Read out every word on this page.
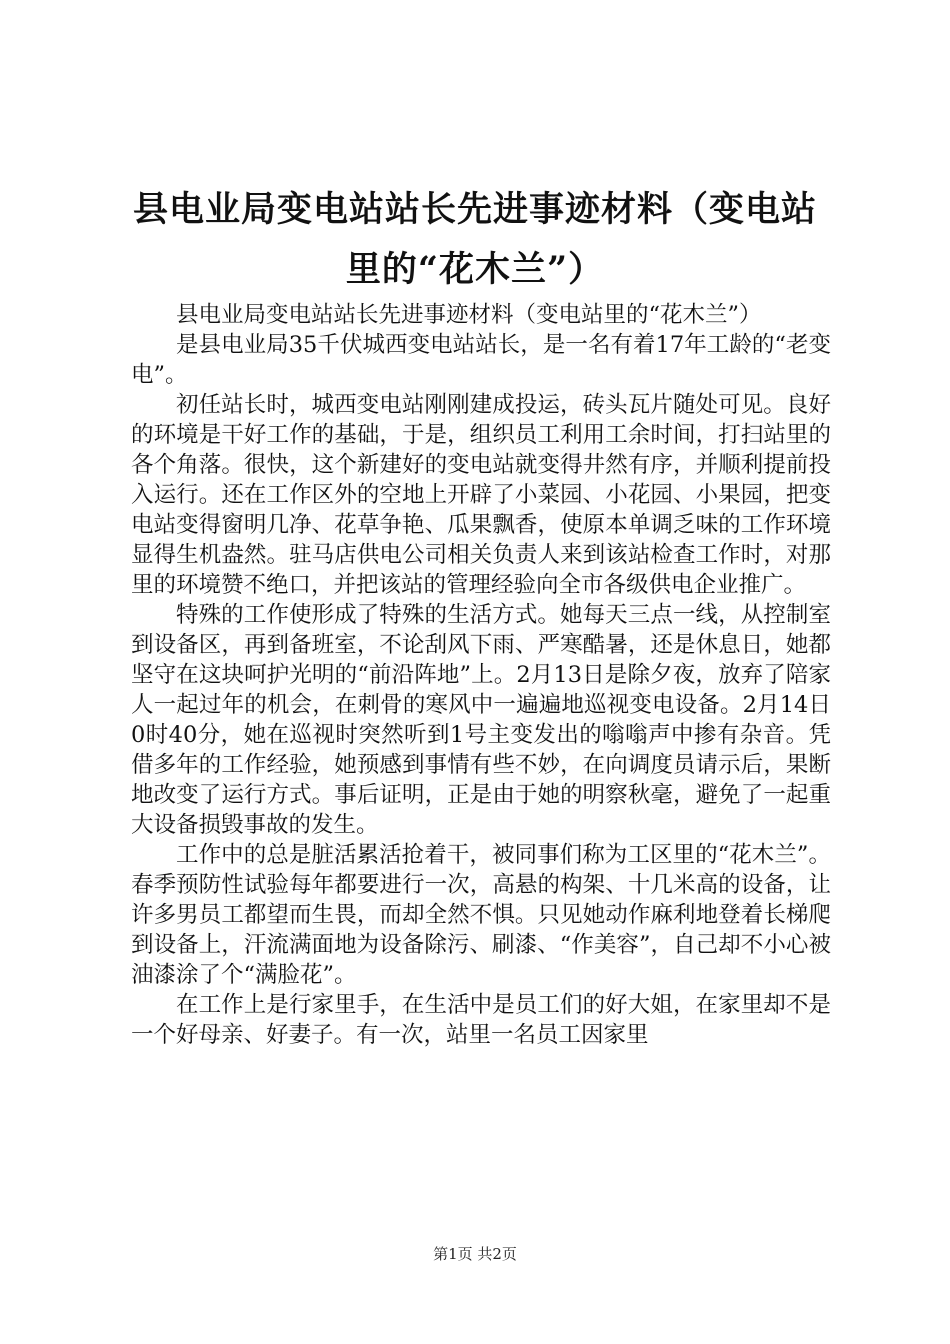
县电业局变电站站长先进事迹材料（变电站里的“花木兰”）

县电业局变电站站长先进事迹材料（变电站里的“花木兰”）

是县电业局35千伏城西变电站站长，是一名有着17年工龄的“老变电”。

初任站长时，城西变电站刚刚建成投运，砖头瓦片随处可见。良好的环境是干好工作的基础，于是，组织员工利用工余时间，打扫站里的各个角落。很快，这个新建好的变电站就变得井然有序，并顺利提前投入运行。还在工作区外的空地上开辟了小菜园、小花园、小果园，把变电站变得窗明几净、花草争艳、瓜果飘香，使原本单调乏味的工作环境显得生机盎然。驻马店供电公司相关负责人来到该站检查工作时，对那里的环境赞不绝口，并把该站的管理经验向全市各级供电企业推广。

特殊的工作使形成了特殊的生活方式。她每天三点一线，从控制室到设备区，再到备班室，不论刮风下雨、严寒酷暑，还是休息日，她都坚守在这块呵护光明的“前沿阵地”上。2月13日是除夕夜，放弃了陪家人一起过年的机会，在刺骨的寒风中一遍遍地巡视变电设备。2月14日0时40分，她在巡视时突然听到1号主变发出的嗡嗡声中掺有杂音。凭借多年的工作经验，她预感到事情有些不妙，在向调度员请示后，果断地改变了运行方式。事后证明，正是由于她的明察秋毫，避免了一起重大设备损毁事故的发生。

工作中的总是脏活累活抢着干，被同事们称为工区里的“花木兰”。春季预防性试验每年都要进行一次，高悬的构架、十几米高的设备，让许多男员工都望而生畏，而却全然不惧。只见她动作麻利地登着长梯爬到设备上，汗流满面地为设备除污、刷漆、“作美容”，自己却不小心被油漆涂了个“满脸花”。

在工作上是行家里手，在生活中是员工们的好大姐，在家里却不是一个好母亲、好妻子。有一次，站里一名员工因家里

第1页 共2页
